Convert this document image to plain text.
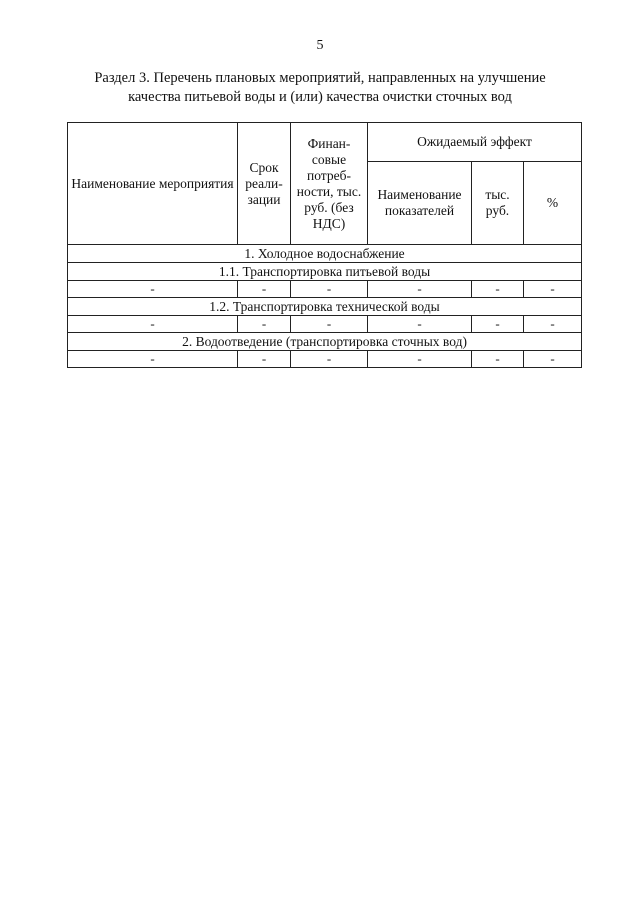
5
Раздел 3. Перечень плановых мероприятий, направленных на улучшение
качества питьевой воды и (или) качества очистки сточных вод
Наименование мероприятия	Срок реали-зации	Финан-совые потреб-ности, тыс. руб. (без НДС)	Ожидаемый эффект		
			Наименование показателей	тыс. руб.	%
1. Холодное водоснабжение					
1.1. Транспортировка питьевой воды					
-	-	-	-	-	-
1.2. Транспортировка технической воды					
-	-	-	-	-	-
2. Водоотведение (транспортировка сточных вод)					
-	-	-	-	-	-
